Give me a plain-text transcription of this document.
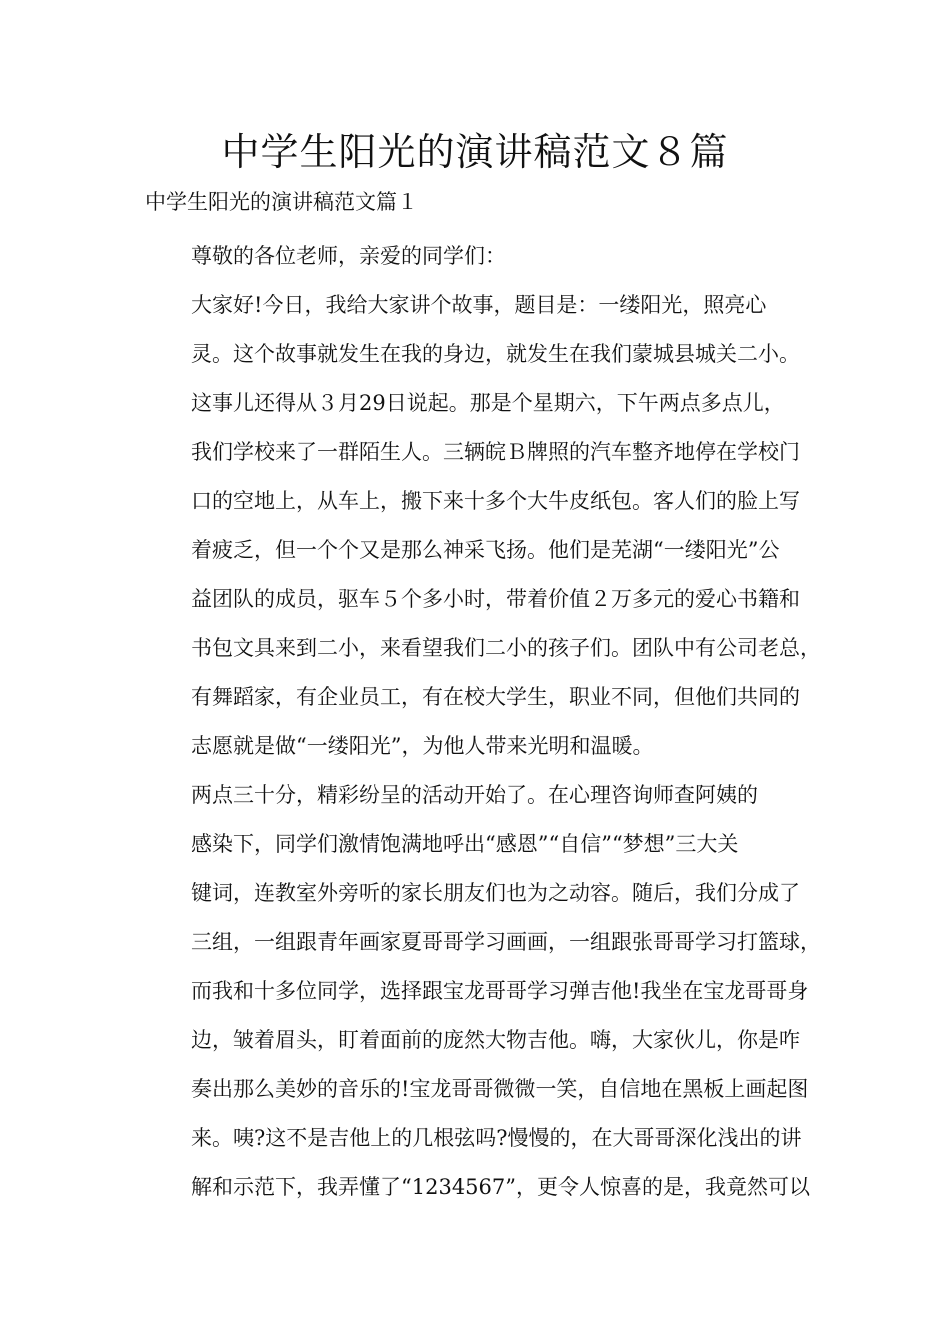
中学生阳光的演讲稿范文８篇
中学生阳光的演讲稿范文篇１

尊敬的各位老师，亲爱的同学们：

大家好!今日，我给大家讲个故事，题目是：一缕阳光，照亮心
灵。这个故事就发生在我的身边，就发生在我们蒙城县城关二小。

这事儿还得从３月29日说起。那是个星期六，下午两点多点儿，
我们学校来了一群陌生人。三辆皖Ｂ牌照的汽车整齐地停在学校门
口的空地上，从车上，搬下来十多个大牛皮纸包。客人们的脸上写
着疲乏，但一个个又是那么神采飞扬。他们是芜湖“一缕阳光”公
益团队的成员，驱车５个多小时，带着价值２万多元的爱心书籍和
书包文具来到二小，来看望我们二小的孩子们。团队中有公司老总，
有舞蹈家，有企业员工，有在校大学生，职业不同，但他们共同的
志愿就是做“一缕阳光”，为他人带来光明和温暖。

两点三十分，精彩纷呈的活动开始了。在心理咨询师查阿姨的
感染下，同学们激情饱满地呼出“感恩”“自信”“梦想”三大关
键词，连教室外旁听的家长朋友们也为之动容。随后，我们分成了
三组，一组跟青年画家夏哥哥学习画画，一组跟张哥哥学习打篮球，
而我和十多位同学，选择跟宝龙哥哥学习弹吉他!我坐在宝龙哥哥身
边，皱着眉头，盯着面前的庞然大物吉他。嗨，大家伙儿，你是咋
奏出那么美妙的音乐的!宝龙哥哥微微一笑，自信地在黑板上画起图
来。咦?这不是吉他上的几根弦吗?慢慢的，在大哥哥深化浅出的讲
解和示范下，我弄懂了“1234567”，更令人惊喜的是，我竟然可以
